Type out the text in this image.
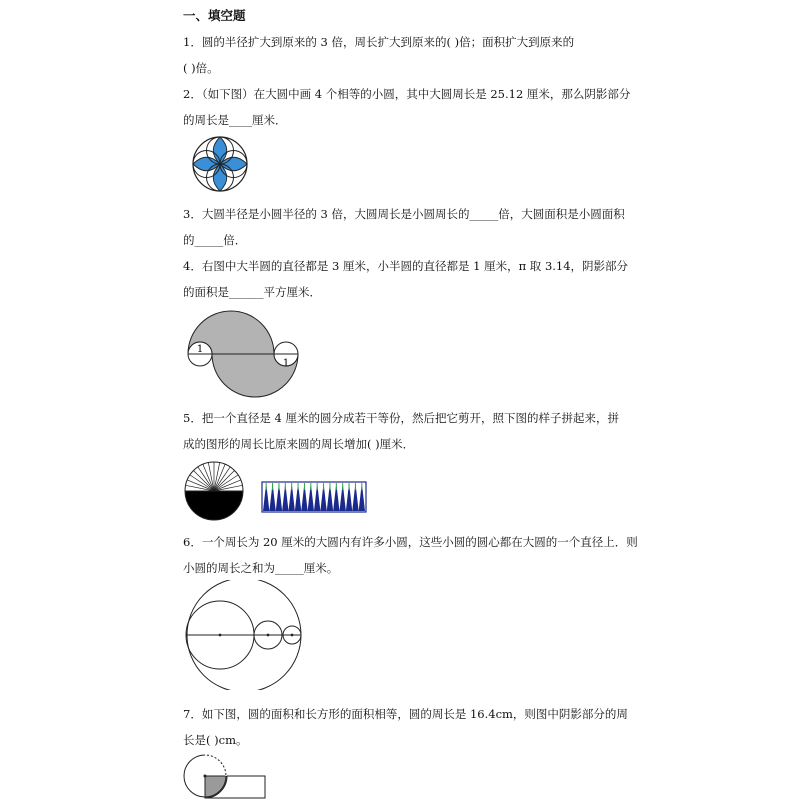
一、填空题
1．圆的半径扩大到原来的 3 倍，周长扩大到原来的( )倍；面积扩大到原来的
( )倍。
2．（如下图）在大圆中画 4 个相等的小圆，其中大圆周长是 25.12 厘米，那么阴影部分
的周长是____厘米．
3．大圆半径是小圆半径的 3 倍，大圆周长是小圆周长的_____倍，大圆面积是小圆面积
的_____倍．
4．右图中大半圆的直径都是 3 厘米，小半圆的直径都是 1 厘米，π 取 3.14，阴影部分
的面积是______平方厘米．
1
1
5．把一个直径是 4 厘米的圆分成若干等份，然后把它剪开，照下图的样子拼起来，拼
成的图形的周长比原来圆的周长增加( )厘米．
6．一个周长为 20 厘米的大圆内有许多小圆，这些小圆的圆心都在大圆的一个直径上．则
小圆的周长之和为_____厘米。
7．如下图，圆的面积和长方形的面积相等，圆的周长是 16.4cm，则图中阴影部分的周
长是( )cm。
